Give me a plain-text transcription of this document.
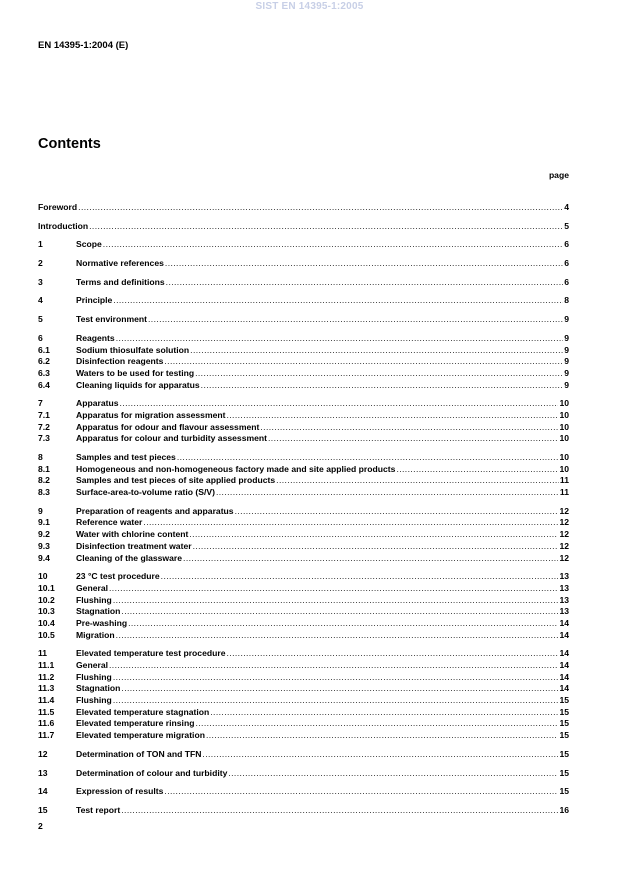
SIST EN 14395-1:2005
EN 14395-1:2004 (E)
Contents
page
Foreword .....	4
Introduction .....	5
1	Scope .....	6
2	Normative references .....	6
3	Terms and definitions .....	6
4	Principle .....	8
5	Test environment .....	9
6	Reagents .....	9
6.1	Sodium thiosulfate solution .....	9
6.2	Disinfection reagents .....	9
6.3	Waters to be used for testing .....	9
6.4	Cleaning liquids for apparatus .....	9
7	Apparatus .....	10
7.1	Apparatus for migration assessment .....	10
7.2	Apparatus for odour and flavour assessment .....	10
7.3	Apparatus for colour and turbidity assessment .....	10
8	Samples and test pieces .....	10
8.1	Homogeneous and non-homogeneous factory made and site applied products .....	10
8.2	Samples and test pieces of site applied products .....	11
8.3	Surface-area-to-volume ratio (S/V) .....	11
9	Preparation of reagents and apparatus .....	12
9.1	Reference water .....	12
9.2	Water with chlorine content .....	12
9.3	Disinfection treatment water .....	12
9.4	Cleaning of the glassware .....	12
10	23 °C test procedure .....	13
10.1	General .....	13
10.2	Flushing .....	13
10.3	Stagnation .....	13
10.4	Pre-washing .....	14
10.5	Migration .....	14
11	Elevated temperature test procedure .....	14
11.1	General .....	14
11.2	Flushing .....	14
11.3	Stagnation .....	14
11.4	Flushing .....	15
11.5	Elevated temperature stagnation .....	15
11.6	Elevated temperature rinsing .....	15
11.7	Elevated temperature migration .....	15
12	Determination of TON and TFN .....	15
13	Determination of colour and turbidity .....	15
14	Expression of results .....	15
15	Test report .....	16
2
